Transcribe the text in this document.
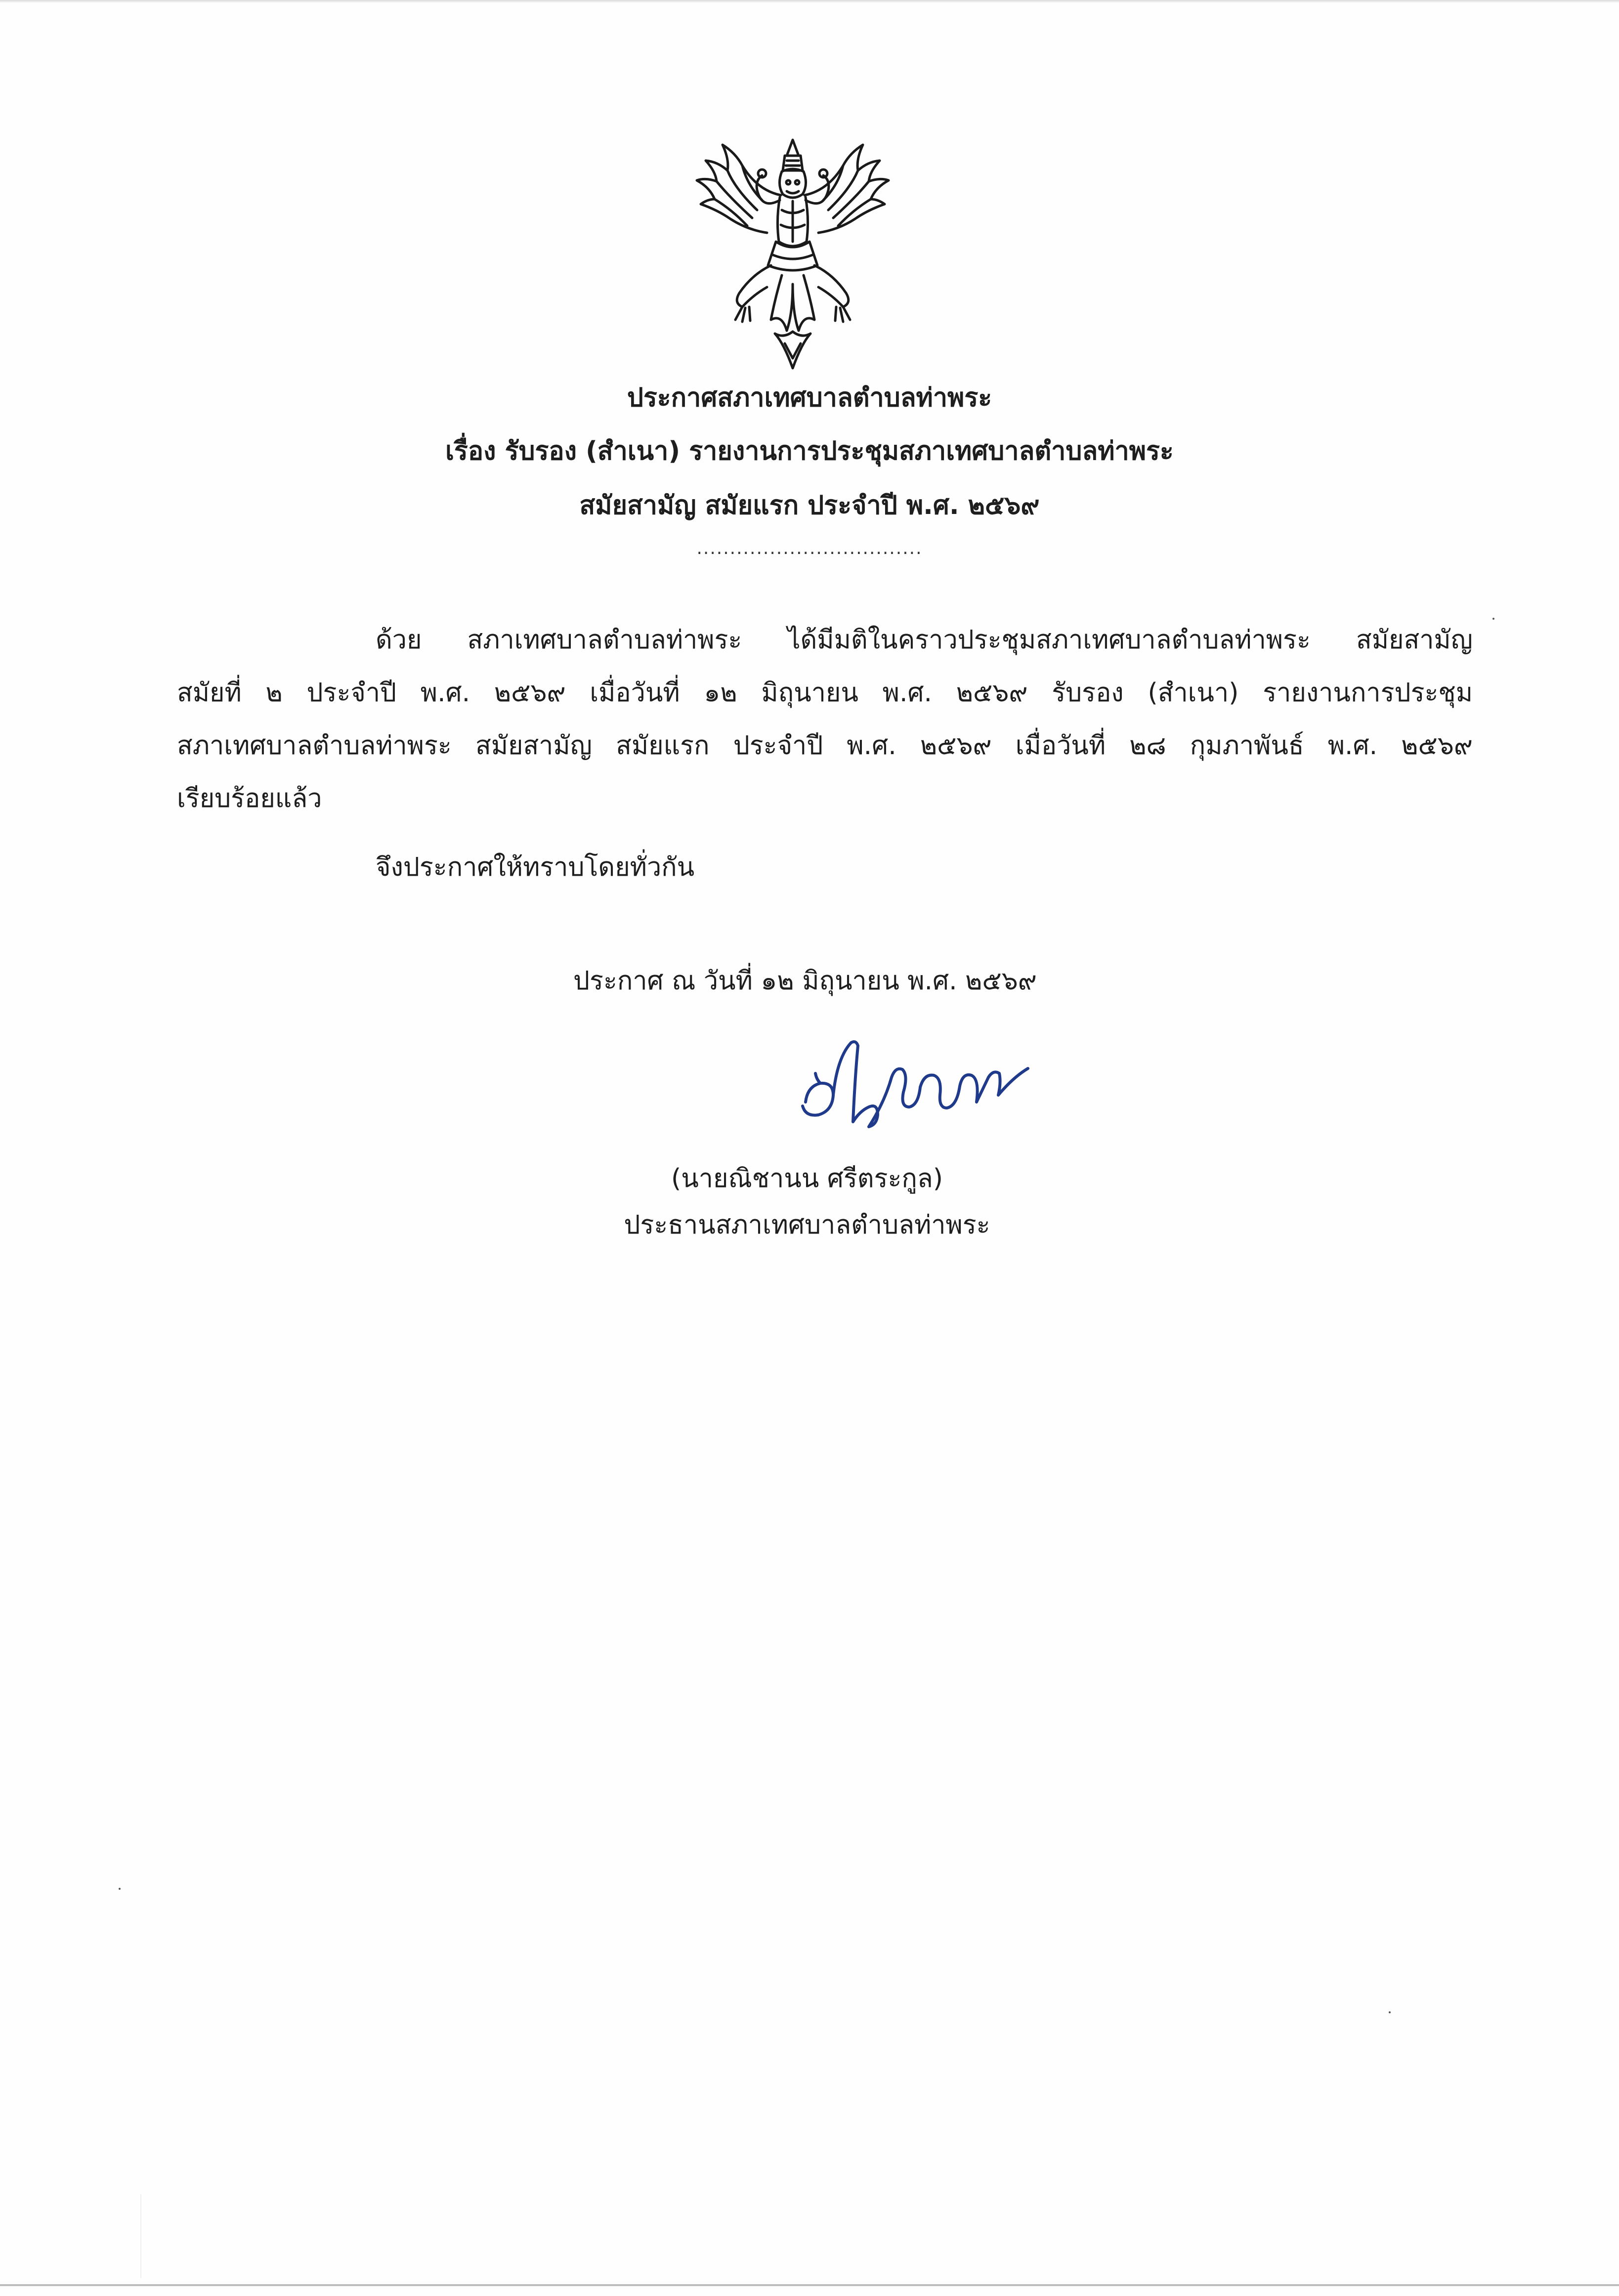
ประกาศสภาเทศบาลตำบลท่าพระ
เรื่อง รับรอง (สำเนา) รายงานการประชุมสภาเทศบาลตำบลท่าพระ
สมัยสามัญ สมัยแรก ประจำปี พ.ศ. ๒๕๖๙
..................................
ด้วย สภาเทศบาลตำบลท่าพระ ได้มีมติในคราวประชุมสภาเทศบาลตำบลท่าพระ สมัยสามัญ
สมัยที่ ๒ ประจำปี พ.ศ. ๒๕๖๙ เมื่อวันที่ ๑๒ มิถุนายน พ.ศ. ๒๕๖๙ รับรอง (สำเนา) รายงานการประชุม
สภาเทศบาลตำบลท่าพระ สมัยสามัญ สมัยแรก ประจำปี พ.ศ. ๒๕๖๙ เมื่อวันที่ ๒๘ กุมภาพันธ์ พ.ศ. ๒๕๖๙
เรียบร้อยแล้ว
จึงประกาศให้ทราบโดยทั่วกัน
ประกาศ ณ วันที่ ๑๒ มิถุนายน พ.ศ. ๒๕๖๙
(นายณิชานน ศรีตระกูล)
ประธานสภาเทศบาลตำบลท่าพระ
